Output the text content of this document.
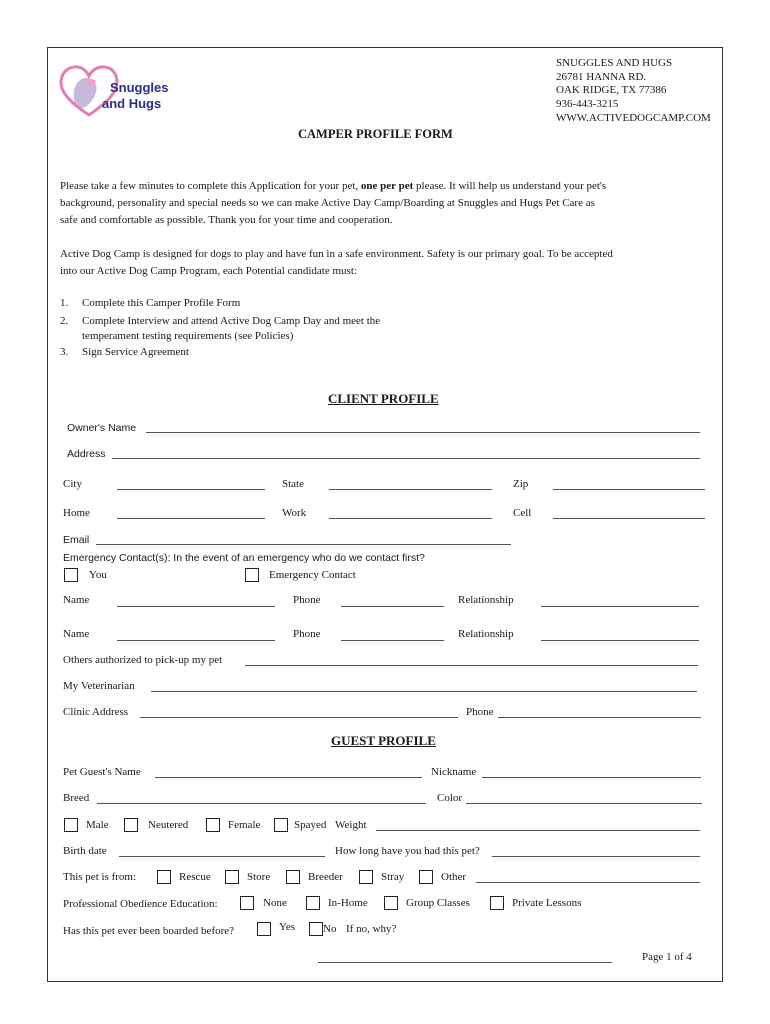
Snuggles
and Hugs
SNUGGLES AND HUGS
26781 HANNA RD.
OAK RIDGE, TX 77386
936-443-3215
WWW.ACTIVEDOGCAMP.COM
CAMPER PROFILE FORM
Please take a few minutes to complete this Application for your pet, one per pet please. It will help us understand your pet's
background, personality and special needs so we can make Active Day Camp/Boarding at Snuggles and Hugs Pet Care as
safe and comfortable as possible. Thank you for your time and cooperation.
Active Dog Camp is designed for dogs to play and have fun in a safe environment. Safety is our primary goal. To be accepted
into our Active Dog Camp Program, each Potential candidate must:
1. Complete this Camper Profile Form
2. Complete Interview and attend Active Dog Camp Day and meet the
temperament testing requirements (see Policies)
3. Sign Service Agreement
CLIENT PROFILE
Owner's Name
Address
City	State	Zip
Home	Work	Cell
Email
Emergency Contact(s): In the event of an emergency who do we contact first?
You	Emergency Contact
Name	Phone	Relationship
Name	Phone	Relationship
Others authorized to pick-up my pet
My Veterinarian
Clinic Address	Phone
GUEST PROFILE
Pet Guest's Name	Nickname
Breed	Color
Male	Neutered	Female	Spayed Weight
Birth date	How long have you had this pet?
This pet is from:	Rescue	Store	Breeder	Stray	Other
Professional Obedience Education:	None	In-Home	Group Classes	Private Lessons
Has this pet ever been boarded before?	Yes	No If no, why?
Page 1 of 4
